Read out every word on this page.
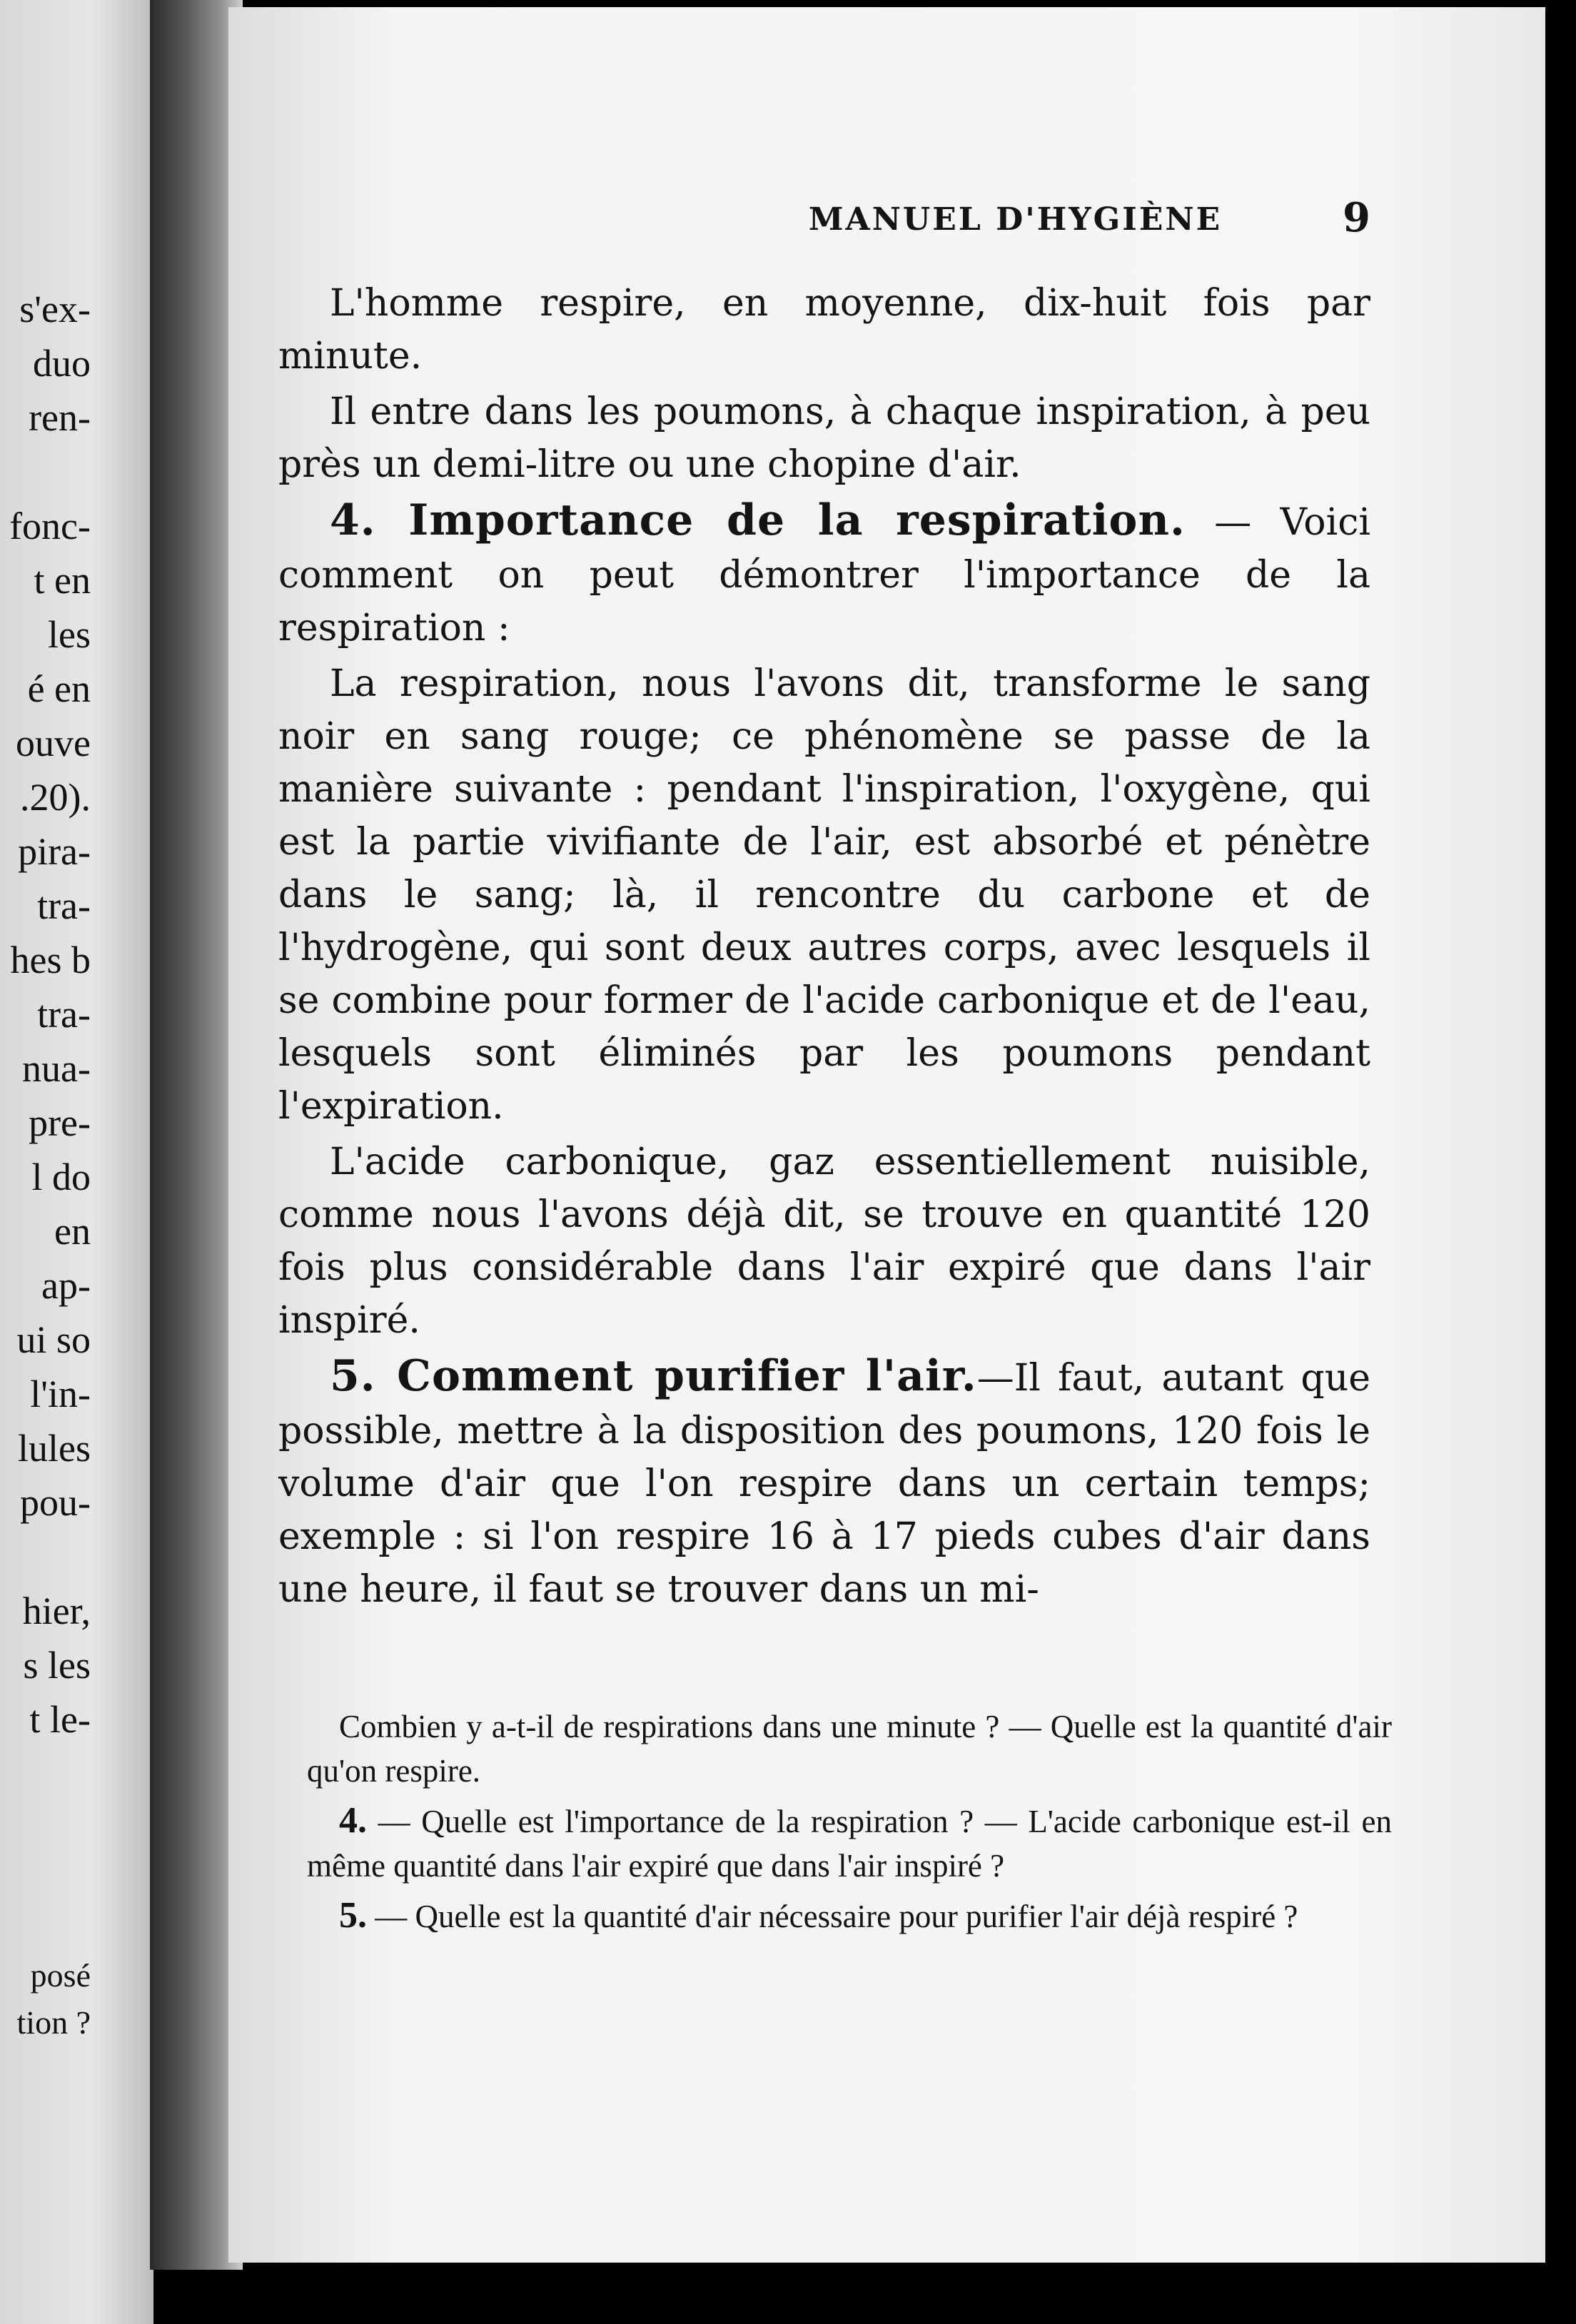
s'ex-
duo
ren-
fonc-
t en
les
é en
ouve
.20).
pira-
tra-
hes b
tra-
nua-
pre-
l do
en
ap-
ui so
l'in-
lules
pou-
hier,
s les
t le-
posé
tion ?
MANUEL D'HYGIÈNE	9

L'homme respire, en moyenne, dix-huit fois par minute.

Il entre dans les poumons, à chaque inspiration, à peu près un demi-litre ou une chopine d'air.

4. Importance de la respiration. — Voici comment on peut démontrer l'importance de la respiration :

La respiration, nous l'avons dit, transforme le sang noir en sang rouge; ce phénomène se passe de la manière suivante : pendant l'inspiration, l'oxygène, qui est la partie vivifiante de l'air, est absorbé et pénètre dans le sang; là, il rencontre du carbone et de l'hydrogène, qui sont deux autres corps, avec lesquels il se combine pour former de l'acide carbonique et de l'eau, lesquels sont éliminés par les poumons pendant l'expiration.

L'acide carbonique, gaz essentiellement nuisible, comme nous l'avons déjà dit, se trouve en quantité 120 fois plus considérable dans l'air expiré que dans l'air inspiré.

5. Comment purifier l'air.—Il faut, autant que possible, mettre à la disposition des poumons, 120 fois le volume d'air que l'on respire dans un certain temps; exemple : si l'on respire 16 à 17 pieds cubes d'air dans une heure, il faut se trouver dans un mi-

Combien y a-t-il de respirations dans une minute ? — Quelle est la quantité d'air qu'on respire.

4. — Quelle est l'importance de la respiration ? — L'acide carbonique est-il en même quantité dans l'air expiré que dans l'air inspiré ?

5. — Quelle est la quantité d'air nécessaire pour purifier l'air déjà respiré ?
